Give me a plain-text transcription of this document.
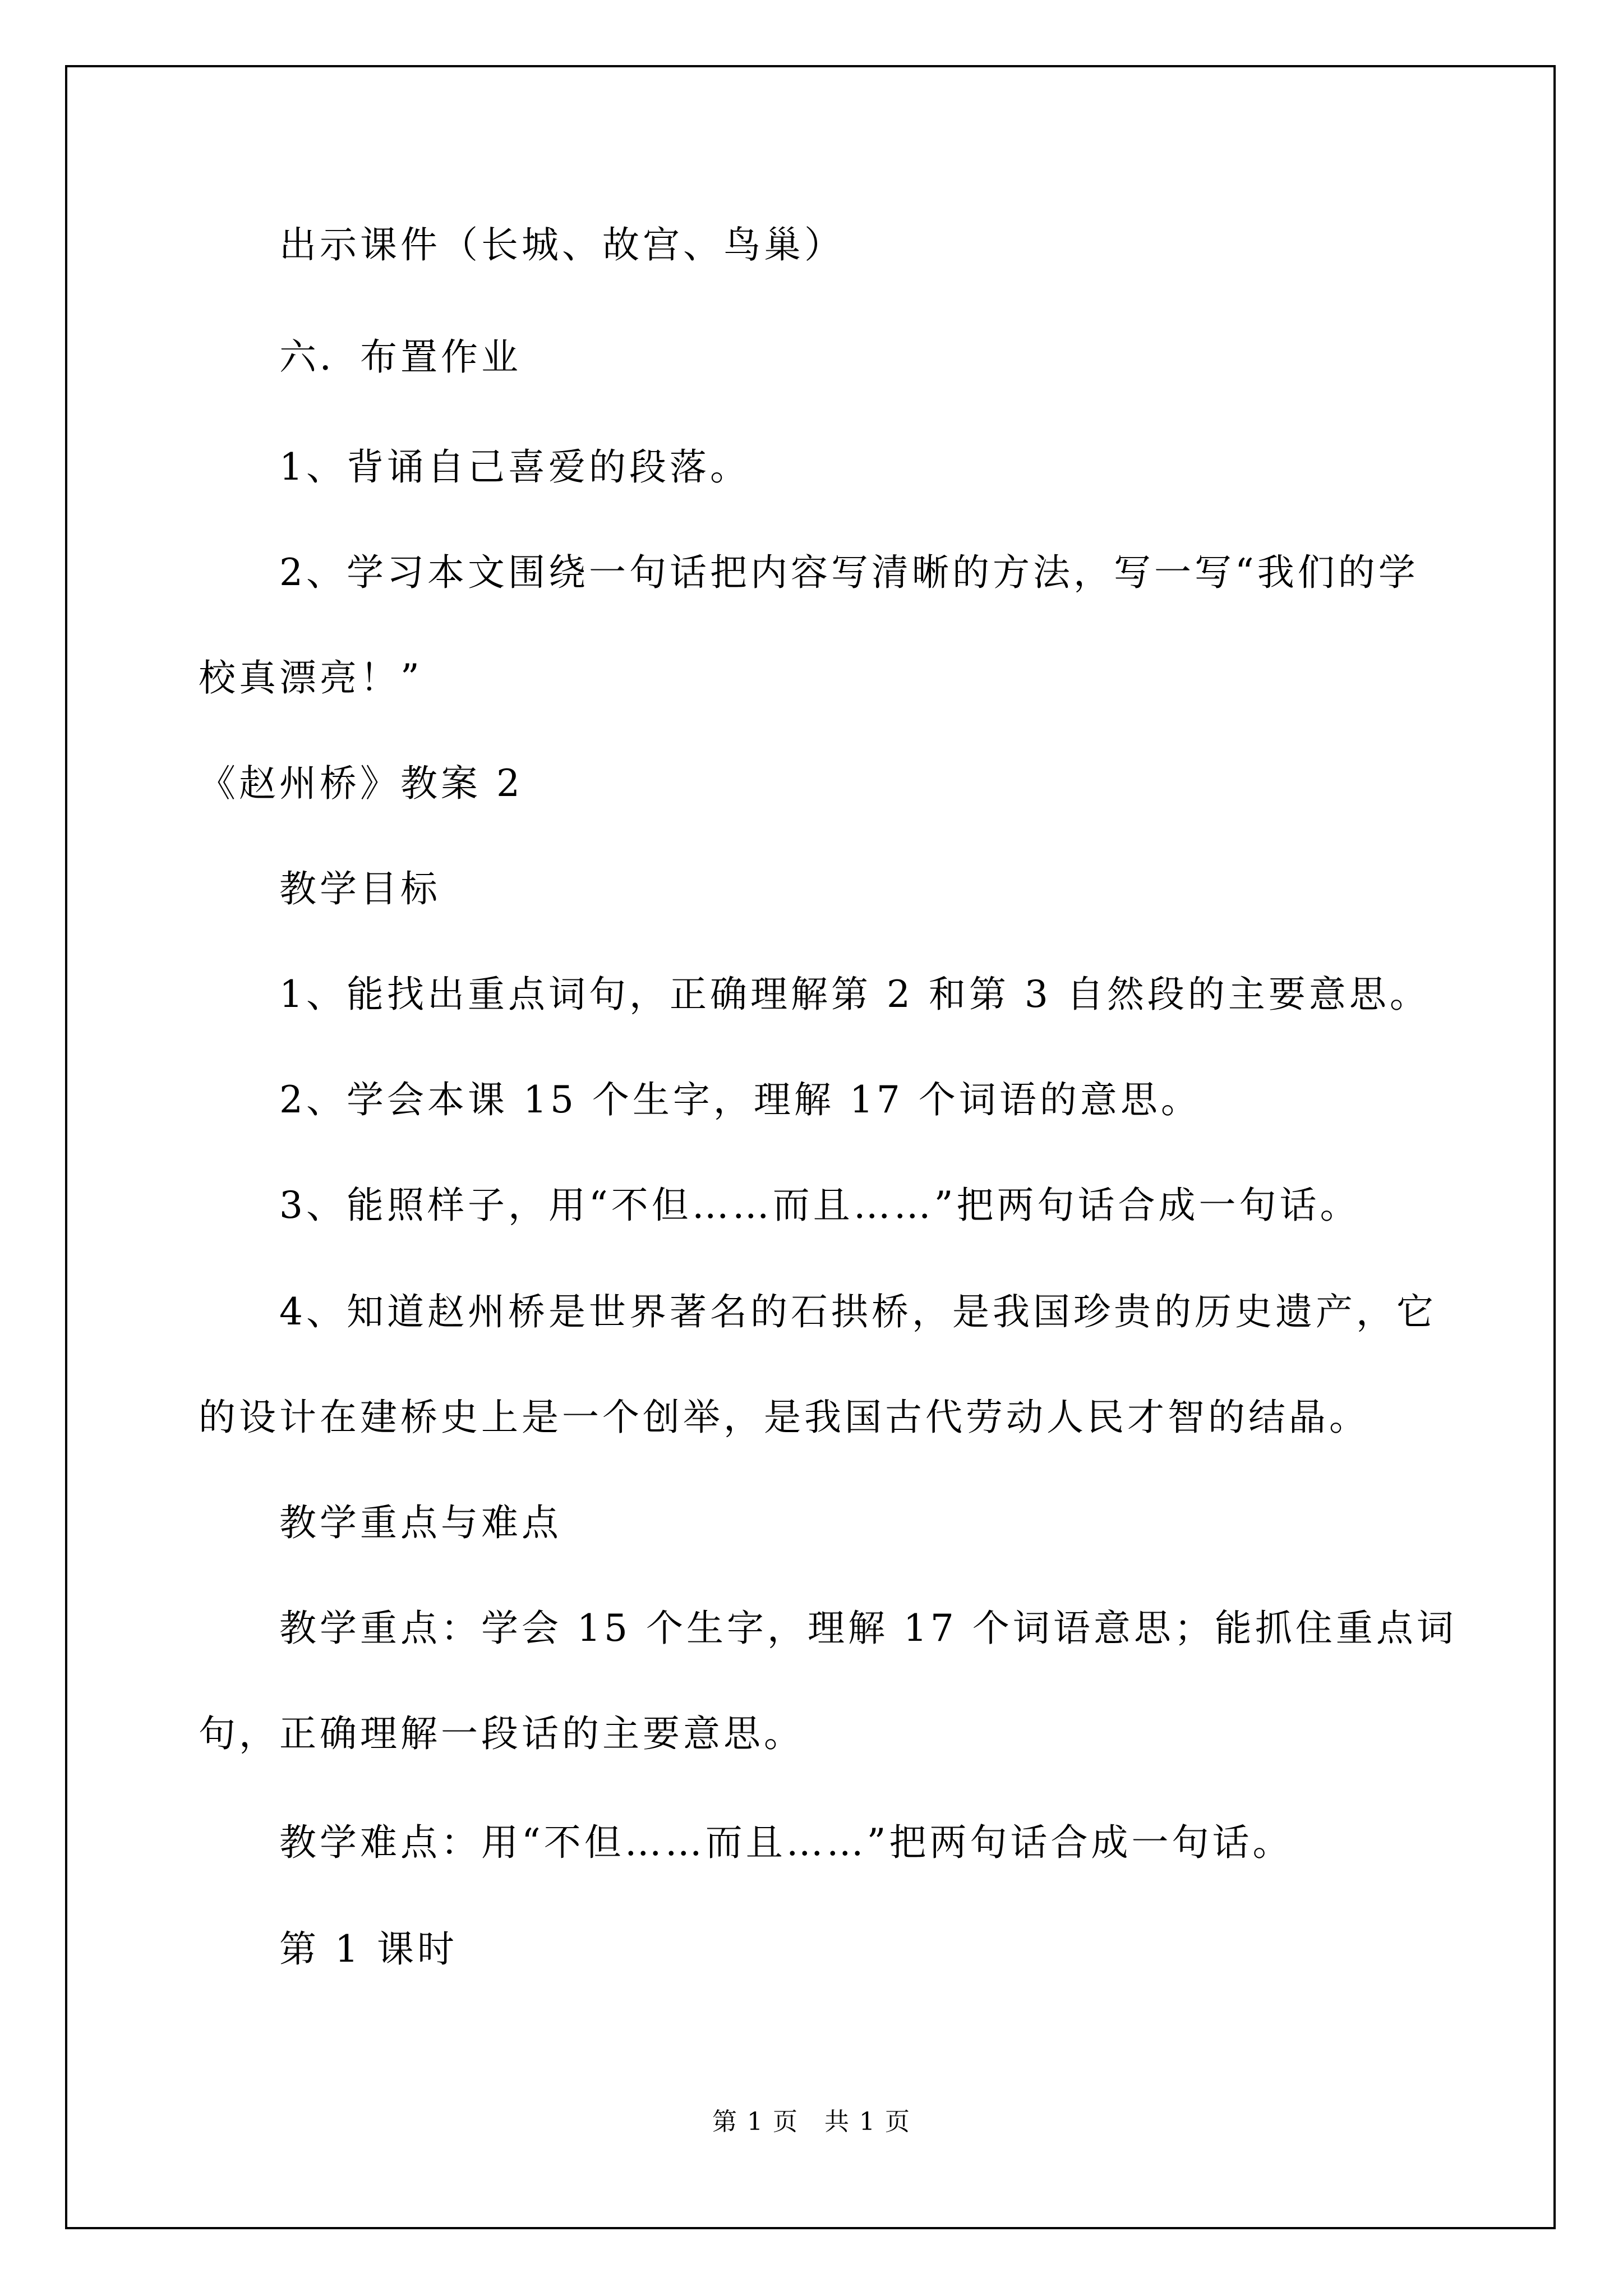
出示课件（长城、故宫、鸟巢）
六．布置作业
1、背诵自己喜爱的段落。
2、学习本文围绕一句话把内容写清晰的方法，写一写“我们的学
校真漂亮！”
《赵州桥》教案 2
教学目标
1、能找出重点词句，正确理解第 2 和第 3 自然段的主要意思。
2、学会本课 15 个生字，理解 17 个词语的意思。
3、能照样子，用“不但……而且……”把两句话合成一句话。
4、知道赵州桥是世界著名的石拱桥，是我国珍贵的历史遗产，它
的设计在建桥史上是一个创举，是我国古代劳动人民才智的结晶。
教学重点与难点
教学重点：学会 15 个生字，理解 17 个词语意思；能抓住重点词
句，正确理解一段话的主要意思。
教学难点：用“不但……而且……”把两句话合成一句话。
第 1 课时
第 1 页　共 1 页
